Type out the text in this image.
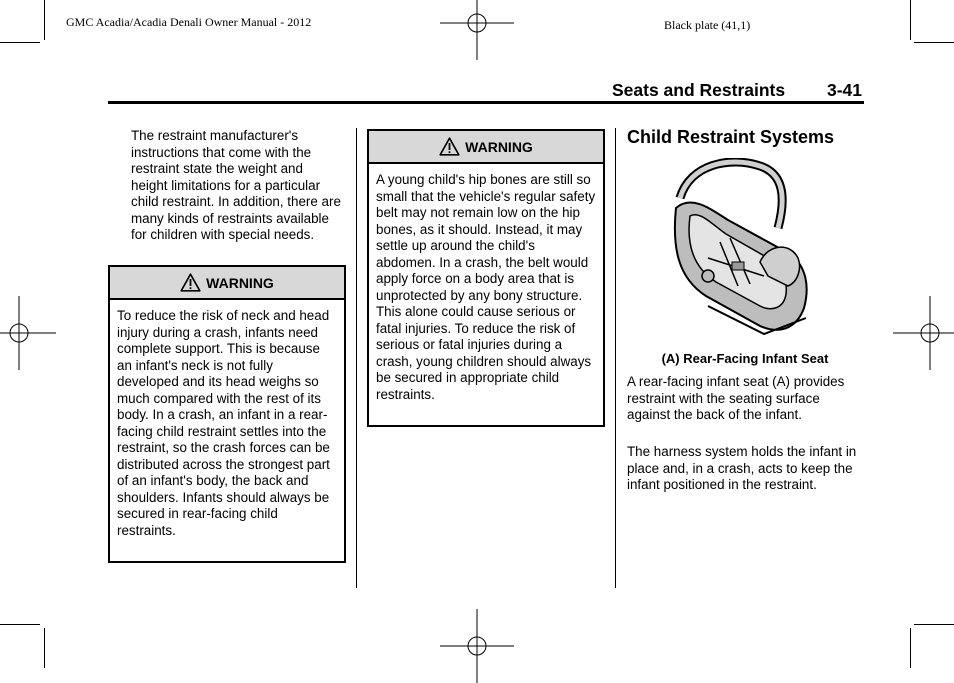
GMC Acadia/Acadia Denali Owner Manual - 2012	Black plate (41,1)
Seats and Restraints 3-41

The restraint manufacturer's instructions that come with the restraint state the weight and height limitations for a particular child restraint. In addition, there are many kinds of restraints available for children with special needs.

WARNING

To reduce the risk of neck and head injury during a crash, infants need complete support. This is because an infant's neck is not fully developed and its head weighs so much compared with the rest of its body. In a crash, an infant in a rear-facing child restraint settles into the restraint, so the crash forces can be distributed across the strongest part of an infant's body, the back and shoulders. Infants should always be secured in rear-facing child restraints.

WARNING

A young child's hip bones are still so small that the vehicle's regular safety belt may not remain low on the hip bones, as it should. Instead, it may settle up around the child's abdomen. In a crash, the belt would apply force on a body area that is unprotected by any bony structure. This alone could cause serious or fatal injuries. To reduce the risk of serious or fatal injuries during a crash, young children should always be secured in appropriate child restraints.

Child Restraint Systems
(A) Rear-Facing Infant Seat

A rear-facing infant seat (A) provides restraint with the seating surface against the back of the infant.

The harness system holds the infant in place and, in a crash, acts to keep the infant positioned in the restraint.
